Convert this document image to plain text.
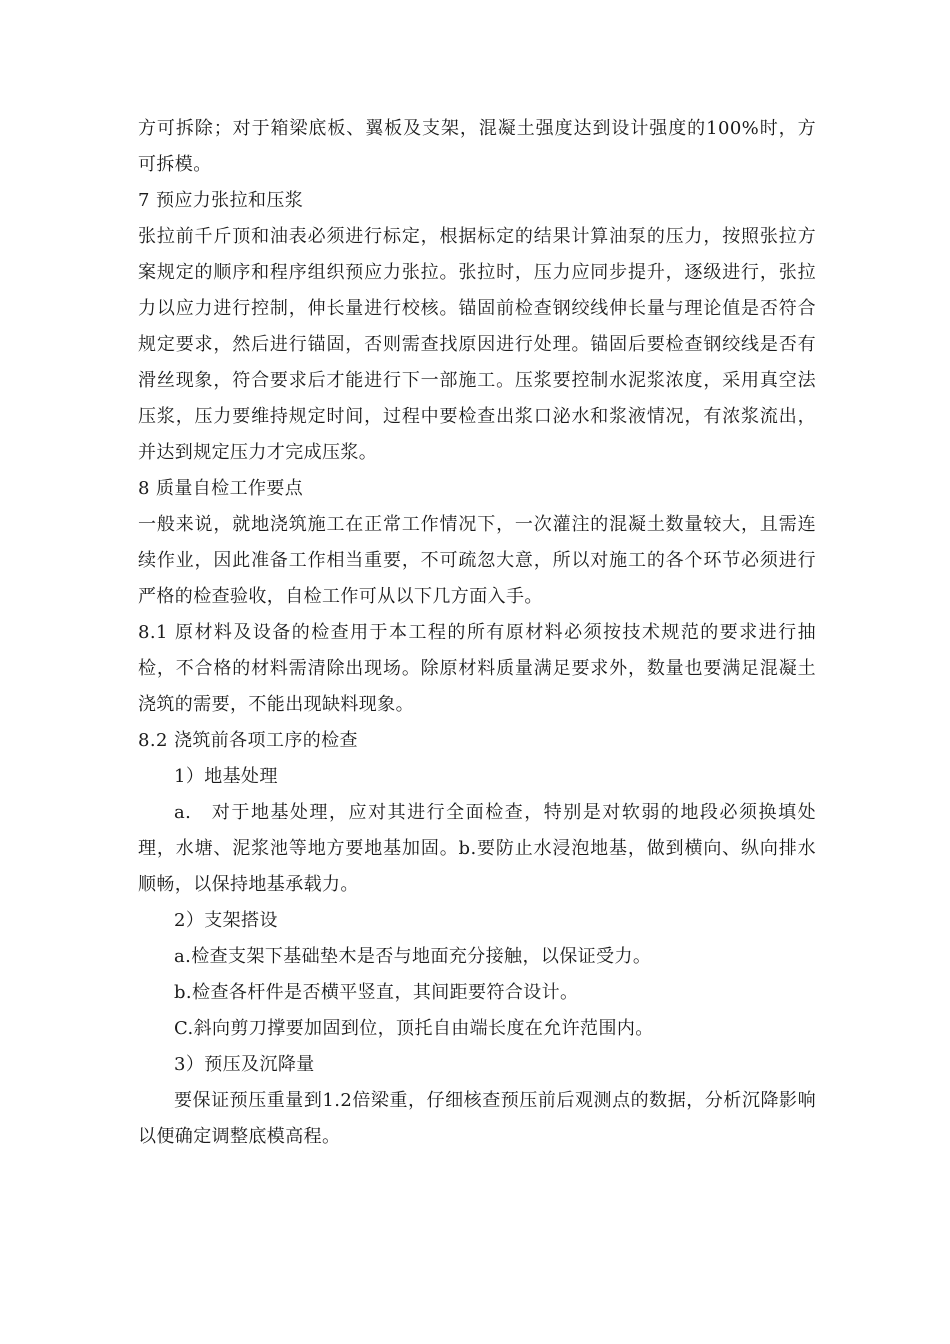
方可拆除；对于箱梁底板、翼板及支架，混凝土强度达到设计强度的100%时，方可拆模。

7 预应力张拉和压浆

张拉前千斤顶和油表必须进行标定，根据标定的结果计算油泵的压力，按照张拉方案规定的顺序和程序组织预应力张拉。张拉时，压力应同步提升，逐级进行，张拉力以应力进行控制，伸长量进行校核。锚固前检查钢绞线伸长量与理论值是否符合规定要求，然后进行锚固，否则需查找原因进行处理。锚固后要检查钢绞线是否有滑丝现象，符合要求后才能进行下一部施工。压浆要控制水泥浆浓度，采用真空法压浆，压力要维持规定时间，过程中要检查出浆口泌水和浆液情况，有浓浆流出，并达到规定压力才完成压浆。

8 质量自检工作要点

一般来说，就地浇筑施工在正常工作情况下，一次灌注的混凝土数量较大，且需连续作业，因此准备工作相当重要，不可疏忽大意，所以对施工的各个环节必须进行严格的检查验收，自检工作可从以下几方面入手。

8.1 原材料及设备的检查用于本工程的所有原材料必须按技术规范的要求进行抽检，不合格的材料需清除出现场。除原材料质量满足要求外，数量也要满足混凝土浇筑的需要，不能出现缺料现象。

8.2 浇筑前各项工序的检查

1）地基处理

a.　对于地基处理，应对其进行全面检查，特别是对软弱的地段必须换填处理，水塘、泥浆池等地方要地基加固。b.要防止水浸泡地基，做到横向、纵向排水顺畅，以保持地基承载力。

2）支架搭设

a.检查支架下基础垫木是否与地面充分接触，以保证受力。

b.检查各杆件是否横平竖直，其间距要符合设计。

C.斜向剪刀撑要加固到位，顶托自由端长度在允许范围内。

3）预压及沉降量

要保证预压重量到1.2倍梁重，仔细核查预压前后观测点的数据，分析沉降影响以便确定调整底模高程。
